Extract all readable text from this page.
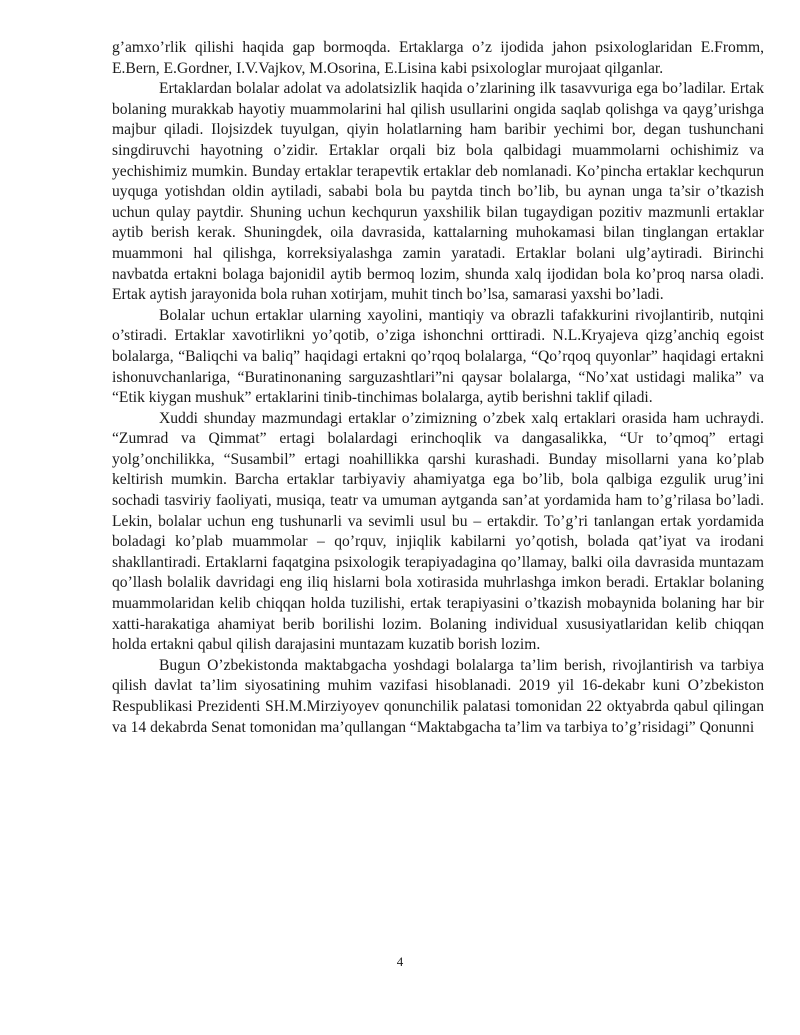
g’amxo’rlik qilishi haqida gap bormoqda. Ertaklarga o’z ijodida jahon psixologlaridan E.Fromm, E.Bern, E.Gordner, I.V.Vajkov, M.Osorina, E.Lisina kabi psixologlar murojaat qilganlar.

Ertaklardan bolalar adolat va adolatsizlik haqida o’zlarining ilk tasavvuriga ega bo’ladilar. Ertak bolaning murakkab hayotiy muammolarini hal qilish usullarini ongida saqlab qolishga va qayg’urishga majbur qiladi. Ilojsizdek tuyulgan, qiyin holatlarning ham baribir yechimi bor, degan tushunchani singdiruvchi hayotning o’zidir. Ertaklar orqali biz bola qalbidagi muammolarni ochishimiz va yechishimiz mumkin. Bunday ertaklar terapevtik ertaklar deb nomlanadi. Ko’pincha ertaklar kechqurun uyquga yotishdan oldin aytiladi, sababi bola bu paytda tinch bo’lib, bu aynan unga ta’sir o’tkazish uchun qulay paytdir. Shuning uchun kechqurun yaxshilik bilan tugaydigan pozitiv mazmunli ertaklar aytib berish kerak. Shuningdek, oila davrasida, kattalarning muhokamasi bilan tinglangan ertaklar muammoni hal qilishga, korreksiyalashga zamin yaratadi. Ertaklar bolani ulg’aytiradi. Birinchi navbatda ertakni bolaga bajonidil aytib bermoq lozim, shunda xalq ijodidan bola ko’proq narsa oladi. Ertak aytish jarayonida bola ruhan xotirjam, muhit tinch bo’lsa, samarasi yaxshi bo’ladi.

Bolalar uchun ertaklar ularning xayolini, mantiqiy va obrazli tafakkurini rivojlantirib, nutqini o’stiradi. Ertaklar xavotirlikni yo’qotib, o’ziga ishonchni orttiradi. N.L.Kryajeva qizg’anchiq egoist bolalarga, “Baliqchi va baliq” haqidagi ertakni qo’rqoq bolalarga, “Qo’rqoq quyonlar” haqidagi ertakni ishonuvchanlariga, “Buratinonaning sarguzashtlari”ni qaysar bolalarga, “No’xat ustidagi malika” va “Etik kiygan mushuk” ertaklarini tinib-tinchimas bolalarga, aytib berishni taklif qiladi.

Xuddi shunday mazmundagi ertaklar o’zimizning o’zbek xalq ertaklari orasida ham uchraydi. “Zumrad va Qimmat” ertagi bolalardagi erinchoqlik va dangasalikka, “Ur to’qmoq” ertagi yolg’onchilikka, “Susambil” ertagi noahillikka qarshi kurashadi. Bunday misollarni yana ko’plab keltirish mumkin. Barcha ertaklar tarbiyaviy ahamiyatga ega bo’lib, bola qalbiga ezgulik urug’ini sochadi tasviriy faoliyati, musiqa, teatr va umuman aytganda san’at yordamida ham to’g’rilasa bo’ladi. Lekin, bolalar uchun eng tushunarli va sevimli usul bu – ertakdir. To’g’ri tanlangan ertak yordamida boladagi ko’plab muammolar – qo’rquv, injiqlik kabilarni yo’qotish, bolada qat’iyat va irodani shakllantiradi. Ertaklarni faqatgina psixologik terapiyadagina qo’llamay, balki oila davrasida muntazam qo’llash bolalik davridagi eng iliq hislarni bola xotirasida muhrlashga imkon beradi. Ertaklar bolaning muammolaridan kelib chiqqan holda tuzilishi, ertak terapiyasini o’tkazish mobaynida bolaning har bir xatti-harakatiga ahamiyat berib borilishi lozim. Bolaning individual xususiyatlaridan kelib chiqqan holda ertakni qabul qilish darajasini muntazam kuzatib borish lozim.

Bugun O’zbekistonda maktabgacha yoshdagi bolalarga ta’lim berish, rivojlantirish va tarbiya qilish davlat ta’lim siyosatining muhim vazifasi hisoblanadi. 2019 yil 16-dekabr kuni O’zbekiston Respublikasi Prezidenti SH.M.Mirziyoyev qonunchilik palatasi tomonidan 22 oktyabrda qabul qilingan va 14 dekabrda Senat tomonidan ma’qullangan “Maktabgacha ta’lim va tarbiya to’g’risidagi” Qonunni

4
